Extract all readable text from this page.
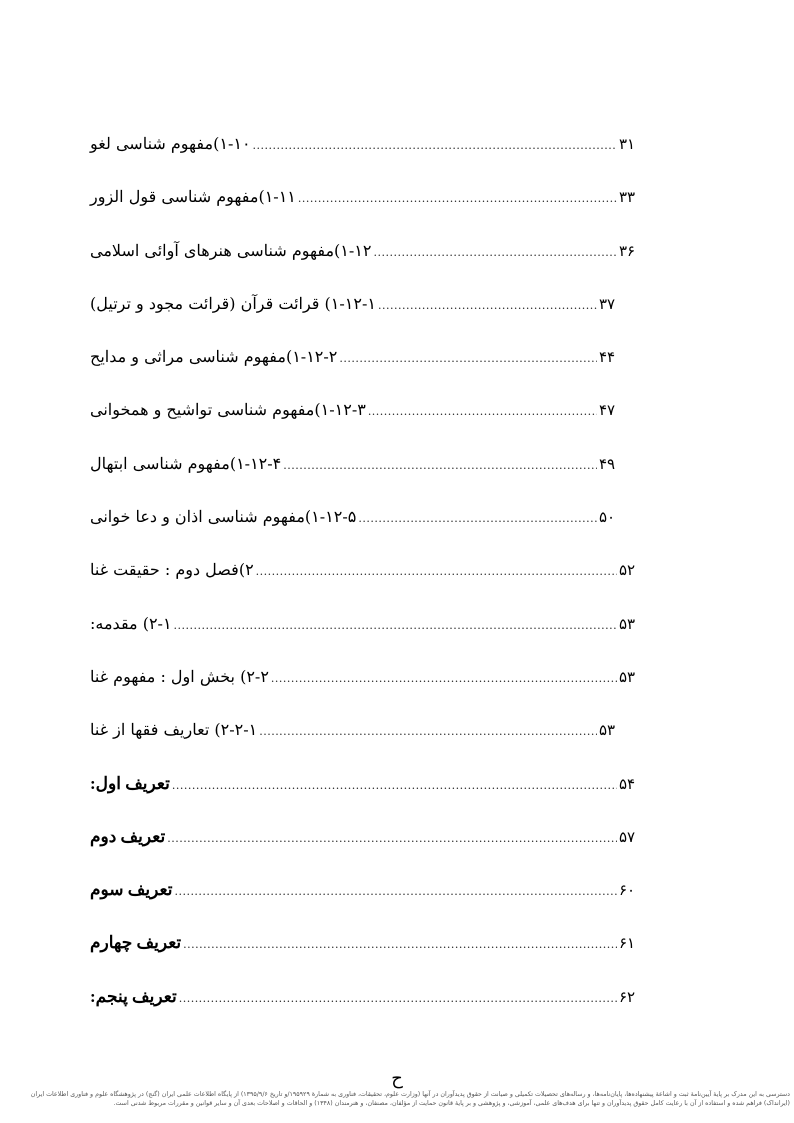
۱-۱۰)مفهوم شناسی لغو .....	۳۱
۱-۱۱)مفهوم شناسی قول الزور .....	۳۳
۱-۱۲)مفهوم شناسی هنرهای آوائی اسلامی .....	۳۶
۱-۱۲-۱) قرائت قرآن (قرائت مجود و ترتیل) .....	۳۷
۱-۱۲-۲)مفهوم شناسی مراثی و مدایح .....	۴۴
۱-۱۲-۳)مفهوم شناسی تواشیح و همخوانی .....	۴۷
۱-۱۲-۴)مفهوم شناسی ابتهال .....	۴۹
۱-۱۲-۵)مفهوم شناسی اذان و دعا خوانی .....	۵۰
۲)فصل دوم : حقیقت غنا .....	۵۲
۲-۱) مقدمه: .....	۵۳
۲-۲) بخش اول : مفهوم غنا .....	۵۳
۲-۲-۱) تعاریف فقها از غنا .....	۵۳
تعریف اول: .....	۵۴
تعریف دوم .....	۵۷
تعریف سوم .....	۶۰
تعریف چهارم .....	۶۱
تعریف پنجم: .....	۶۲
ح
دسترسی به این مدرک بر پایهٔ آیین‌نامهٔ ثبت و اشاعهٔ پیشنهاده‌ها، پایان‌نامه‌ها، و رساله‌های تحصیلات تکمیلی و صیانت از حقوق پدیدآوران در آنها (وزارت علوم، تحقیقات، فناوری به شمارهٔ ۱۹۵۹۲۹/و تاریخ ۱۳۹۵/۹/۶) از پایگاه اطلاعات علمی ایران (گنج) در پژوهشگاه علوم و فناوری اطلاعات ایران (ایرانداک) فراهم شده و استفاده از آن با رعایت کامل حقوق پدیدآوران و تنها برای هدف‌های علمی، آموزشی، و پژوهشی و بر پایهٔ قانون حمایت از مؤلفان، مصنفان، و هنرمندان (۱۳۴۸) و الحاقات و اصلاحات بعدی آن و سایر قوانین و مقررات مربوط شدنی است.
